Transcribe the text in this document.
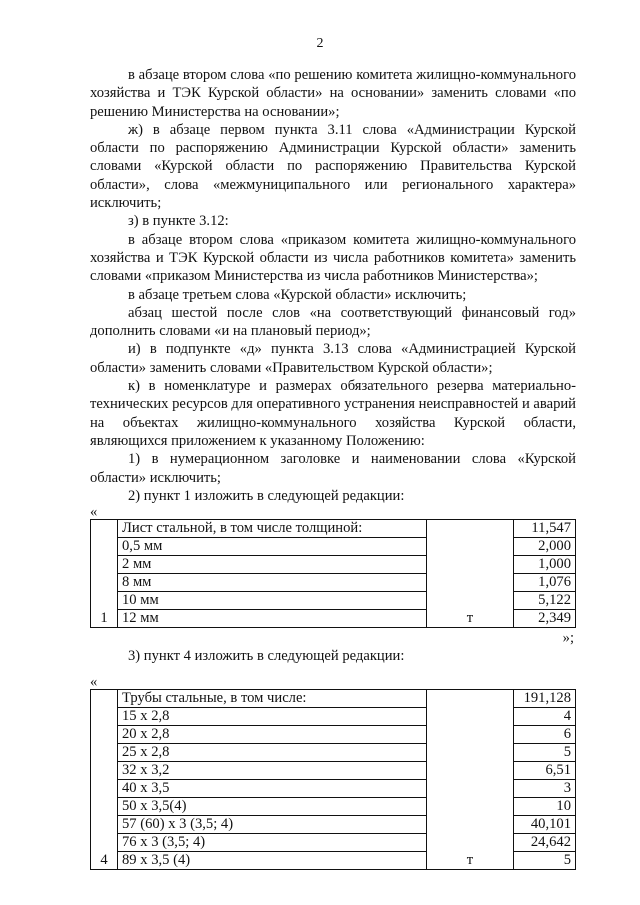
2

в абзаце втором слова «по решению комитета жилищно-коммунального хозяйства и ТЭК Курской области» на основании» заменить словами «по решению Министерства на основании»;

ж) в абзаце первом пункта 3.11 слова «Администрации Курской области по распоряжению Администрации Курской области» заменить словами «Курской области по распоряжению Правительства Курской области», слова «межмуниципального или регионального характера» исключить;

з) в пункте 3.12:

в абзаце втором слова «приказом комитета жилищно-коммунального хозяйства и ТЭК Курской области из числа работников комитета» заменить словами «приказом Министерства из числа работников Министерства»;

в абзаце третьем слова «Курской области» исключить;

абзац шестой после слов «на соответствующий финансовый год» дополнить словами «и на плановый период»;

и) в подпункте «д» пункта 3.13 слова «Администрацией Курской области» заменить словами «Правительством Курской области»;

к) в номенклатуре и размерах обязательного резерва материально-технических ресурсов для оперативного устранения неисправностей и аварий на объектах жилищно-коммунального хозяйства Курской области, являющихся приложением к указанному Положению:

1) в нумерационном заголовке и наименовании слова «Курской области» исключить;

2) пункт 1 изложить в следующей редакции:

«

1	Лист стальной, в том числе толщиной:	т	11,547
	0,5 мм		2,000
	2 мм		1,000
	8 мм		1,076
	10 мм		5,122
	12 мм		2,349

»;

3) пункт 4 изложить в следующей редакции:

«

4	Трубы стальные, в том числе:	т	191,128
	15 х 2,8		4
	20 х 2,8		6
	25 х 2,8		5
	32 х 3,2		6,51
	40 х 3,5		3
	50 х 3,5(4)		10
	57 (60) х 3 (3,5; 4)		40,101
	76 х 3 (3,5; 4)		24,642
	89 х 3,5 (4)		5
